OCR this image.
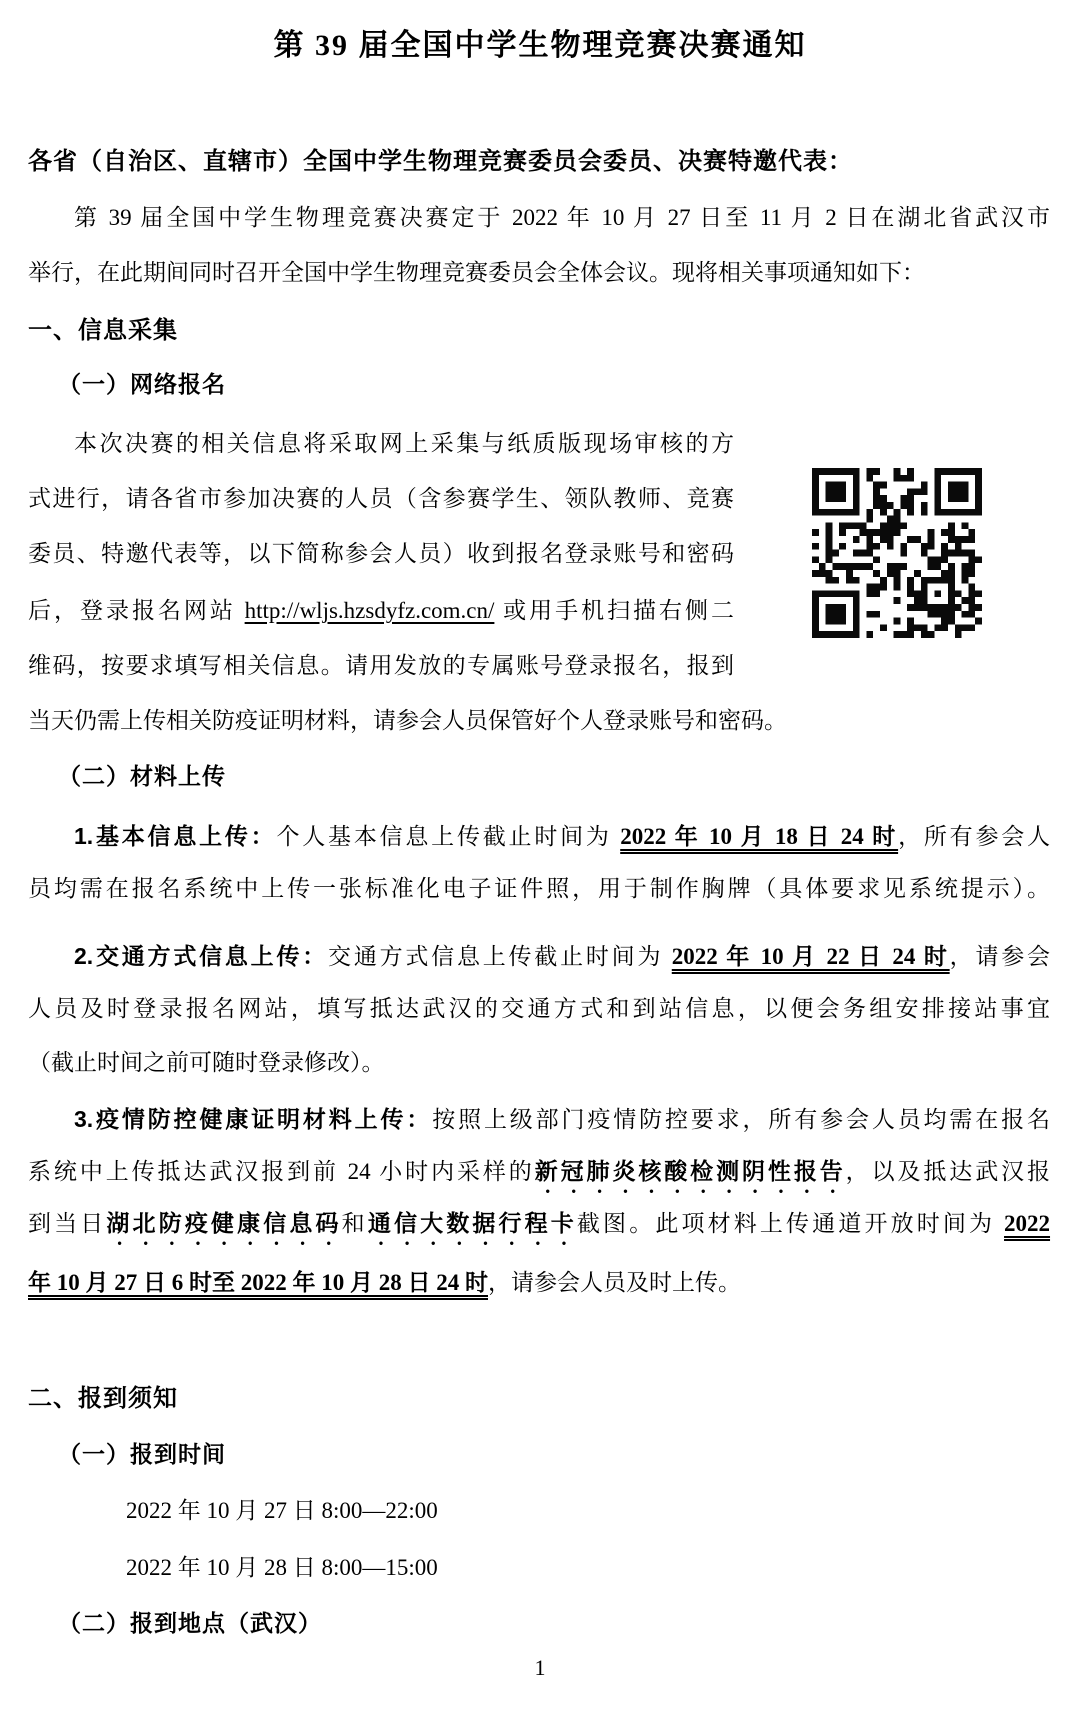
第 39 届全国中学生物理竞赛决赛通知
各省（自治区、直辖市）全国中学生物理竞赛委员会委员、决赛特邀代表：
第 39 届全国中学生物理竞赛决赛定于 2022 年 10 月 27 日至 11 月 2 日在湖北省武汉市
举行，在此期间同时召开全国中学生物理竞赛委员会全体会议。现将相关事项通知如下：
一、信息采集
（一）网络报名
本次决赛的相关信息将采取网上采集与纸质版现场审核的方
式进行，请各省市参加决赛的人员（含参赛学生、领队教师、竞赛
委员、特邀代表等，以下简称参会人员）收到报名登录账号和密码
后，登录报名网站 http://wljs.hzsdyfz.com.cn/ 或用手机扫描右侧二
维码，按要求填写相关信息。请用发放的专属账号登录报名，报到
当天仍需上传相关防疫证明材料，请参会人员保管好个人登录账号和密码。
（二）材料上传
1.基本信息上传：个人基本信息上传截止时间为 2022 年 10 月 18 日 24 时，所有参会人
员均需在报名系统中上传一张标准化电子证件照，用于制作胸牌（具体要求见系统提示）。
2.交通方式信息上传：交通方式信息上传截止时间为 2022 年 10 月 22 日 24 时，请参会
人员及时登录报名网站，填写抵达武汉的交通方式和到站信息，以便会务组安排接站事宜
（截止时间之前可随时登录修改）。
3.疫情防控健康证明材料上传：按照上级部门疫情防控要求，所有参会人员均需在报名
系统中上传抵达武汉报到前 24 小时内采样的新冠肺炎核酸检测阴性报告，以及抵达武汉报
到当日湖北防疫健康信息码和通信大数据行程卡截图。此项材料上传通道开放时间为 2022
年 10 月 27 日 6 时至 2022 年 10 月 28 日 24 时，请参会人员及时上传。
二、报到须知
（一）报到时间
2022 年 10 月 27 日 8:00—22:00
2022 年 10 月 28 日 8:00—15:00
（二）报到地点（武汉）
1
